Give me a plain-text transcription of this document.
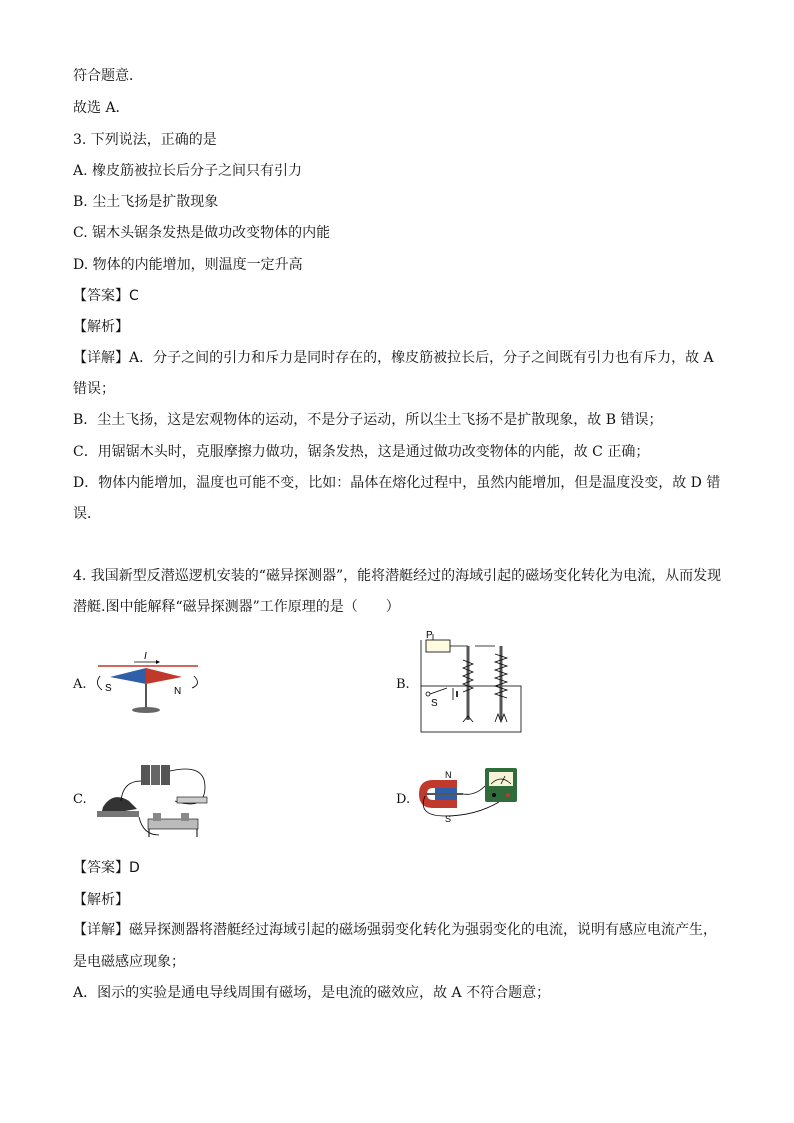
符合题意．
故选 A．
3. 下列说法，正确的是
A. 橡皮筋被拉长后分子之间只有引力
B. 尘土飞扬是扩散现象
C. 锯木头锯条发热是做功改变物体的内能
D. 物体的内能增加，则温度一定升高
【答案】C
【解析】
【详解】A．分子之间的引力和斥力是同时存在的，橡皮筋被拉长后，分子之间既有引力也有斥力，故 A
错误；
B．尘土飞扬，这是宏观物体的运动，不是分子运动，所以尘土飞扬不是扩散现象，故 B 错误；
C．用锯锯木头时，克服摩擦力做功，锯条发热，这是通过做功改变物体的内能，故 C 正确；
D．物体内能增加，温度也可能不变，比如：晶体在熔化过程中，虽然内能增加，但是温度没变，故 D 错
误．
4. 我国新型反潜巡逻机安装的“磁异探测器”，能将潜艇经过的海域引起的磁场变化转化为电流，从而发现
潜艇.图中能解释“磁异探测器”工作原理的是（　　）
A.
I
S	N	B.
P
S
C.	D.
N
S
【答案】D
【解析】
【详解】磁异探测器将潜艇经过海域引起的磁场强弱变化转化为强弱变化的电流，说明有感应电流产生，
是电磁感应现象；
A．图示的实验是通电导线周围有磁场，是电流的磁效应，故 A 不符合题意；
